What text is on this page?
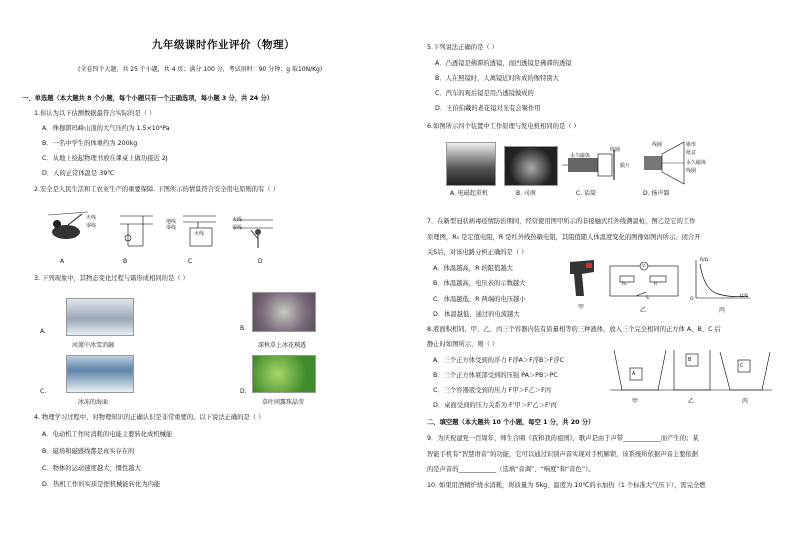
九年级课时作业评价（物理）
(全卷四个大题，共 25 个小题，共 4 页；满分 100 分，考试用时：90 分钟；g 取10N/Kg)
一、单选题（本大题共 8 个小题，每个小题只有一个正确选项，每小题 3 分，共 24 分）
1.你认为以下估测数据最符合实际的是（ ）
A．珠穆朗玛峰山顶的大气压约为 1.5×10⁵Pa
B．一名中学生的体重约为 200kg
C．从地上捡起物理书放在课桌上做功接近 2J
D．人的正常体温是 39℃
2.安全是人民生活和工农业生产的重要保障. 下图所示的情景符合安全用电原则的有（ ）
火线
零线
地线
零线
火线
火线
零线
A	B	C	D
3. 下列现象中，其物态变化过程与霜形成相同的是（ ）
A.	B.
C.	D.
河流中冰雪消融	深秋草上冰花剔透
冰冻的海面	草叶间露珠晶莹
4. 物理学习过程中，对物理知识的正确认识是非常重要的。以下说法正确的是（ ）
A．电动机工作时消耗的电能主要转化成机械能
B．磁场和磁感线都是真实存在的
C．物体的运动速度越大，惯性越大
D．热机工作的实质是把机械能转化为内能
5.下列说法正确的是（ ）
A．凸透镜是佛滞的透镜，而凹透镜是佛滞的透镜
B．人在照镜时，人离镜近时所成的像特别大
C．汽车的观后镜是用凸透镜做成的
D．王伯伯戴的老花镜对光有会聚作用
6.如图所示四个装置中工作原理与发电机相同的是（ ）
永久磁体
线圈
膜片
线圈	锥形
纸盆
永久磁体
线圈
A. 电磁起重机	B. 司南	C. 话筒	D. 扬声器
7．在新型冠状病毒疫情防治期间，经常使用图甲所示的非接触式红外线测温枪，图乙是它的工作
原理图，R₀ 是定值电阻，R 是红外线热敏电阻，其阻值随人体温度变化的图像如图丙所示。闭合开
关S后，对该电路分析正确的是（ ）
A．体温越高，R 的阻值越大
B．体温越高，电压表的示数越大
C．体温越低，R 两端的电压越小
D．体温越低，通过的电流越大
甲
V
R₀	R
S
乙
R/Ω
t/℃
O
丙
8.底面积相同，甲、乙、丙三个容器内装有质量相等的三种液体，放入三个完全相同的正方体 A、B、C 后
静止时如图所示，则（ ）
A．三个正方体受到的浮力 F浮A＞F浮B＞F浮C
B．三个正方体底部受到的压强 PA＞PB＞PC
C．三个容器底受到的压力 F甲＞F乙＞F丙
D．桌面受到的压力关系为 F'甲＞F'乙＞F'丙
A
B
C
甲	乙	丙
二、填空题（本大题共 10 个小题，每空 1 分，共 20 分）
9．为庆祝建党一百周年，师生合唱《我和我的祖国》，歌声是由于声带____________而产生的；某
智能手机有“智慧语音”的功能，它可以通过识别声音实现对手机解锁，该系统所依据声音主要依据
的是声音的____________（选填“音调”、“响度”和“音色”）。
10. 如果用酒精炉烧水消耗，将质量为 5kg、温度为 10℃的水加热（1 个标准大气压下），需完全燃
